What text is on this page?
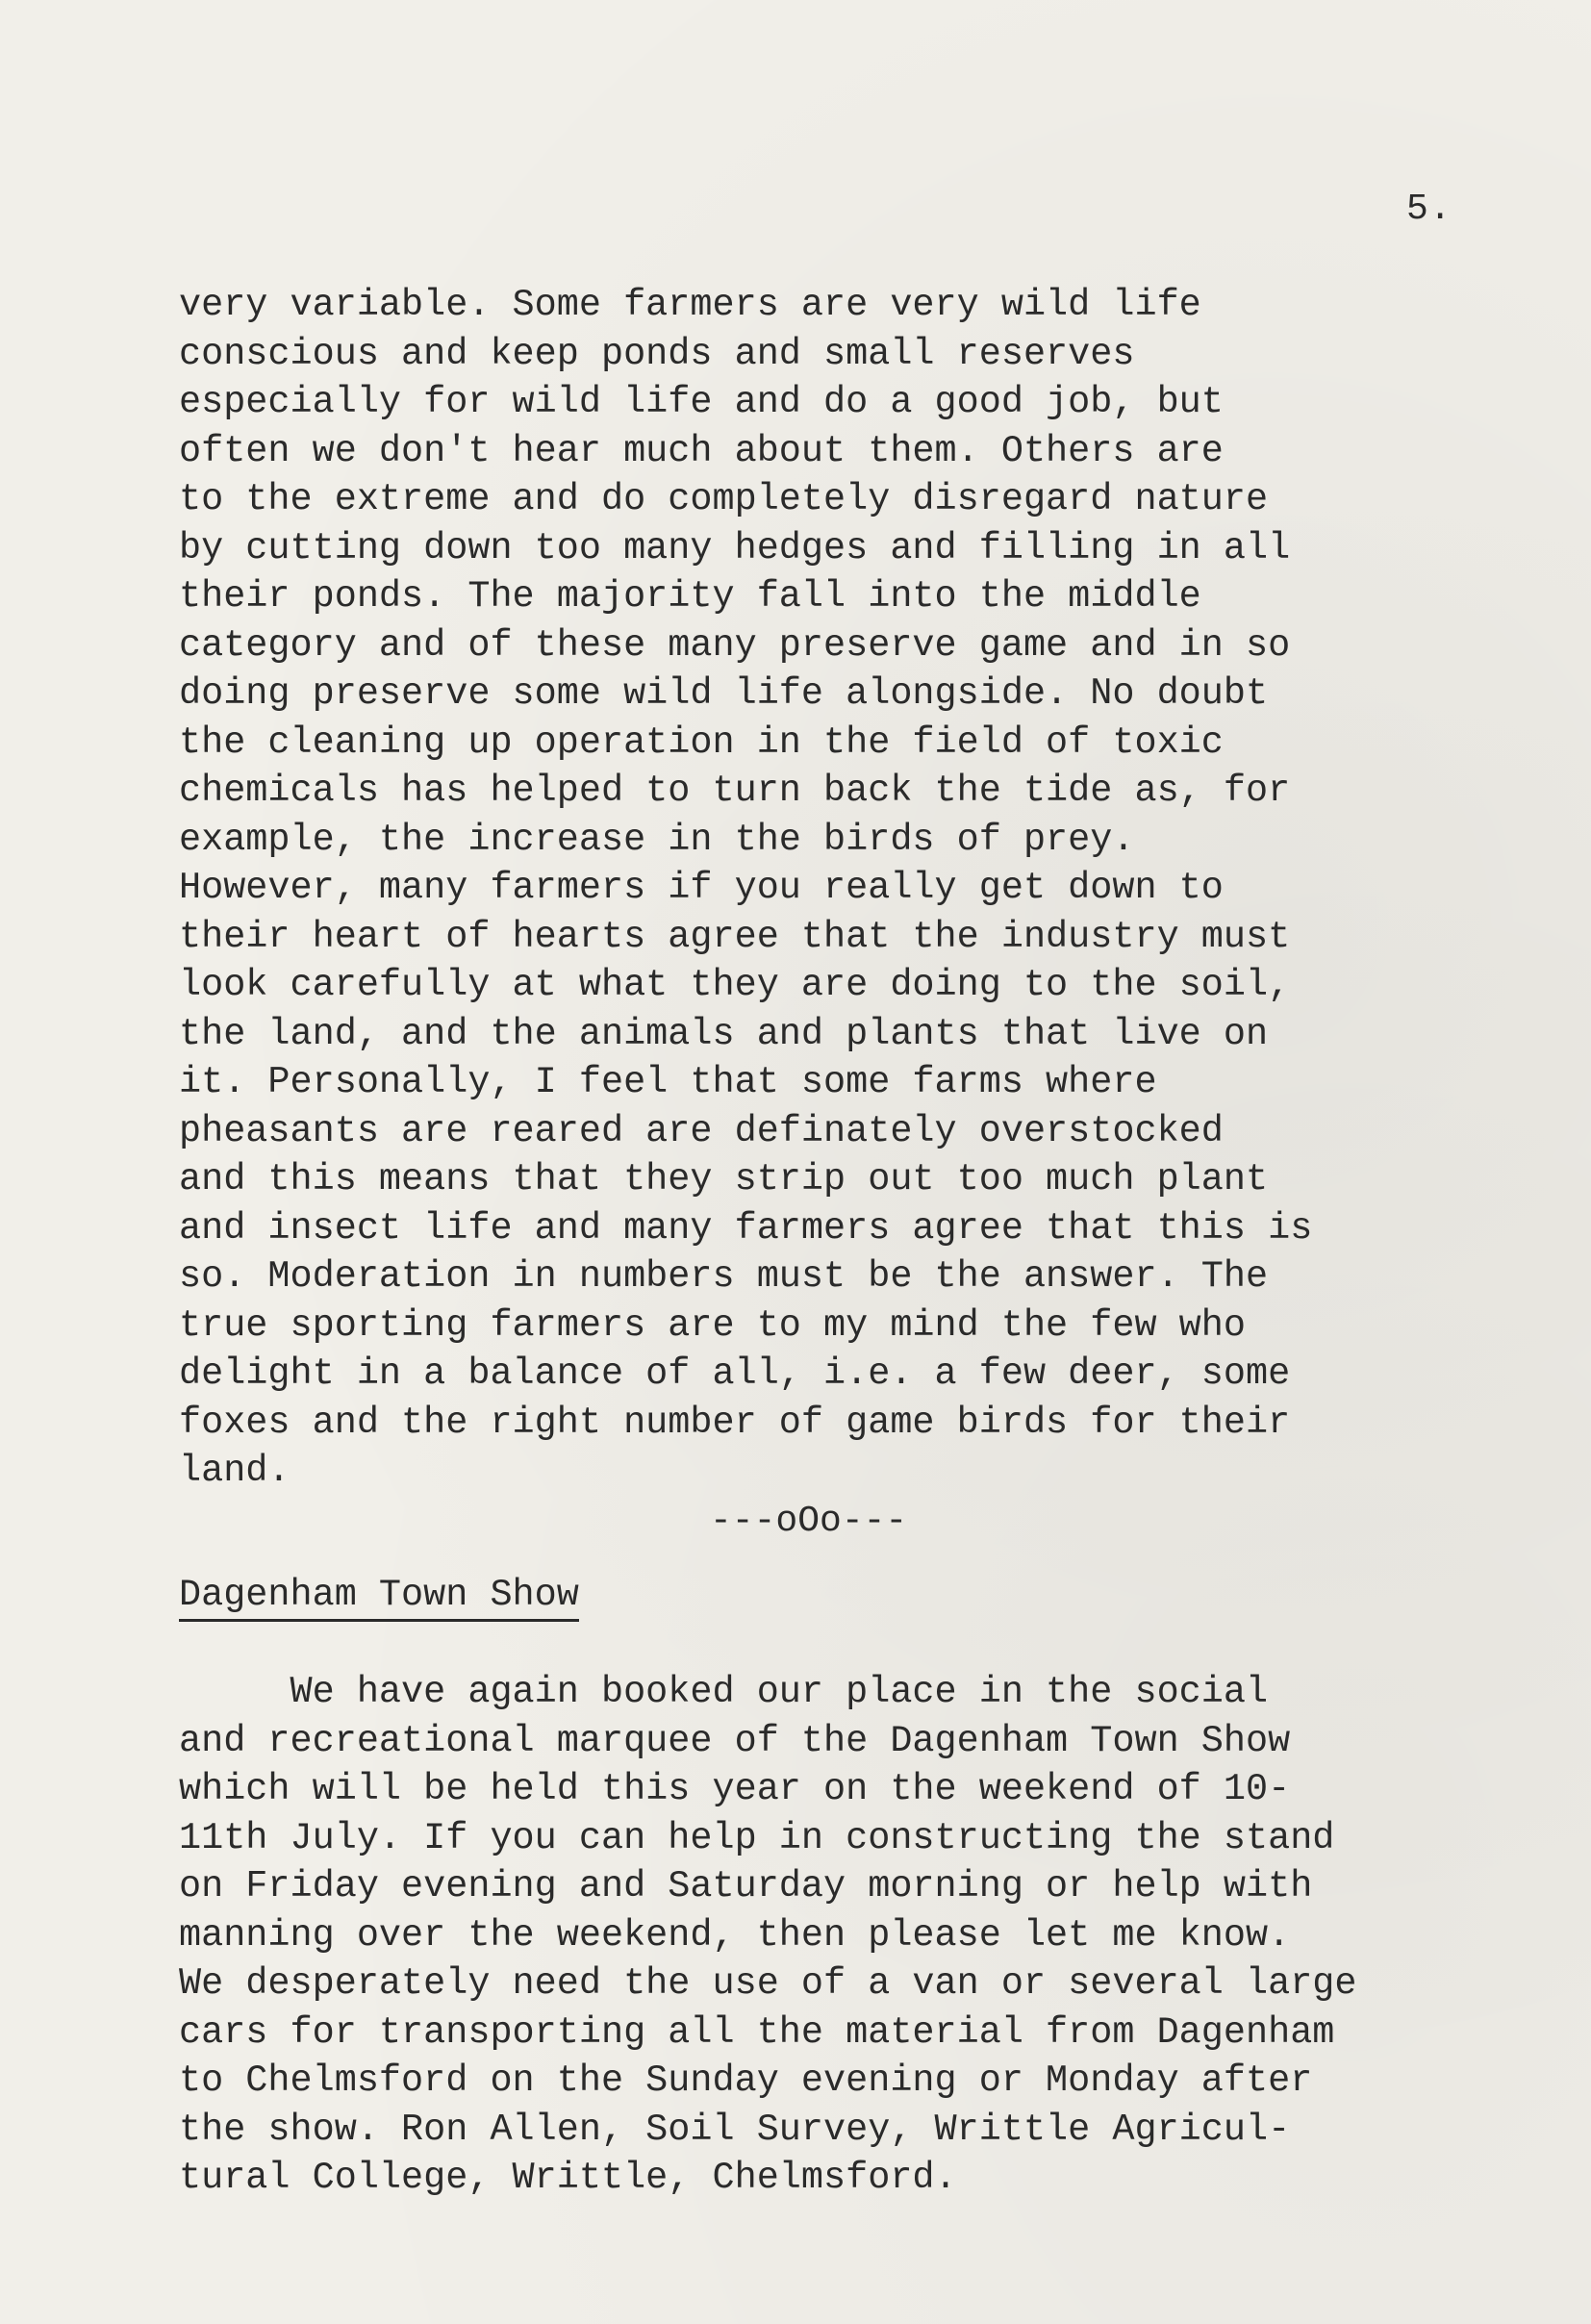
5.
very variable. Some farmers are very wild life
conscious and keep ponds and small reserves
especially for wild life and do a good job, but
often we don't hear much about them. Others are
to the extreme and do completely disregard nature
by cutting down too many hedges and filling in all
their ponds. The majority fall into the middle
category and of these many preserve game and in so
doing preserve some wild life alongside. No doubt
the cleaning up operation in the field of toxic
chemicals has helped to turn back the tide as, for
example, the increase in the birds of prey.
However, many farmers if you really get down to
their heart of hearts agree that the industry must
look carefully at what they are doing to the soil,
the land, and the animals and plants that live on
it. Personally, I feel that some farms where
pheasants are reared are definately overstocked
and this means that they strip out too much plant
and insect life and many farmers agree that this is
so. Moderation in numbers must be the answer. The
true sporting farmers are to my mind the few who
delight in a balance of all, i.e. a few deer, some
foxes and the right number of game birds for their
land.
---oOo---
Dagenham Town Show
We have again booked our place in the social
and recreational marquee of the Dagenham Town Show
which will be held this year on the weekend of 10-
11th July. If you can help in constructing the stand
on Friday evening and Saturday morning or help with
manning over the weekend, then please let me know.
We desperately need the use of a van or several large
cars for transporting all the material from Dagenham
to Chelmsford on the Sunday evening or Monday after
the show. Ron Allen, Soil Survey, Writtle Agricul-
tural College, Writtle, Chelmsford.
